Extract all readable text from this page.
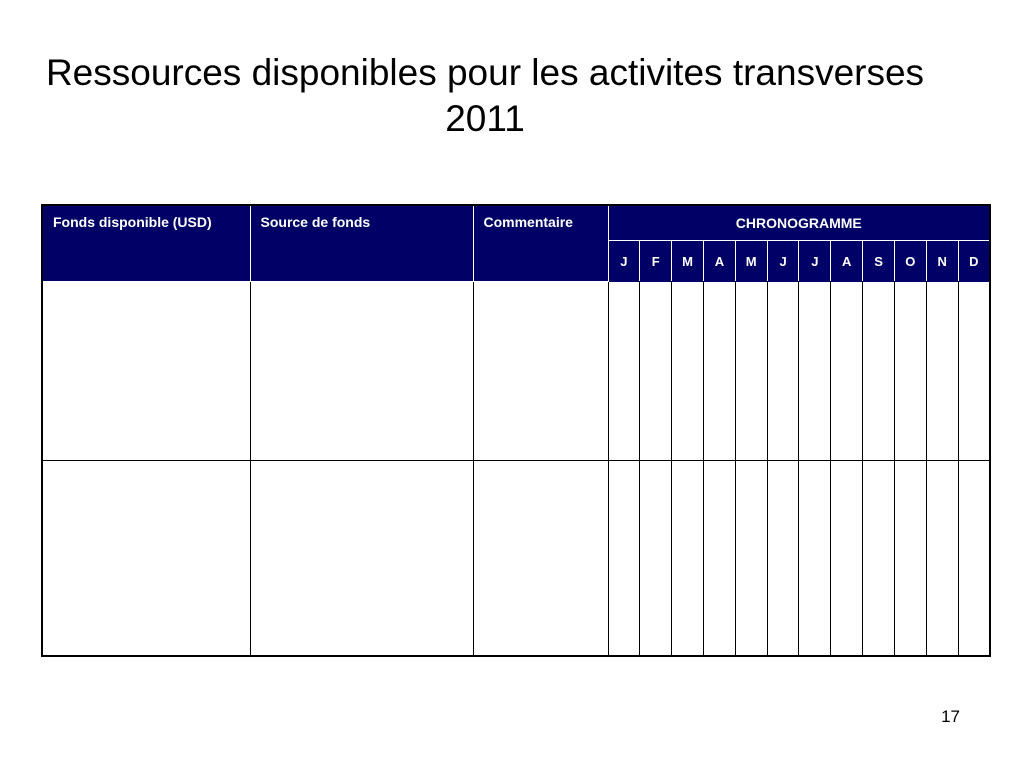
Ressources disponibles pour les activites transverses
2011
Fonds disponible (USD)	Source de fonds	Commentaire	CHRONOGRAMME											
			J	F	M	A	M	J	J	A	S	O	N	D

17
